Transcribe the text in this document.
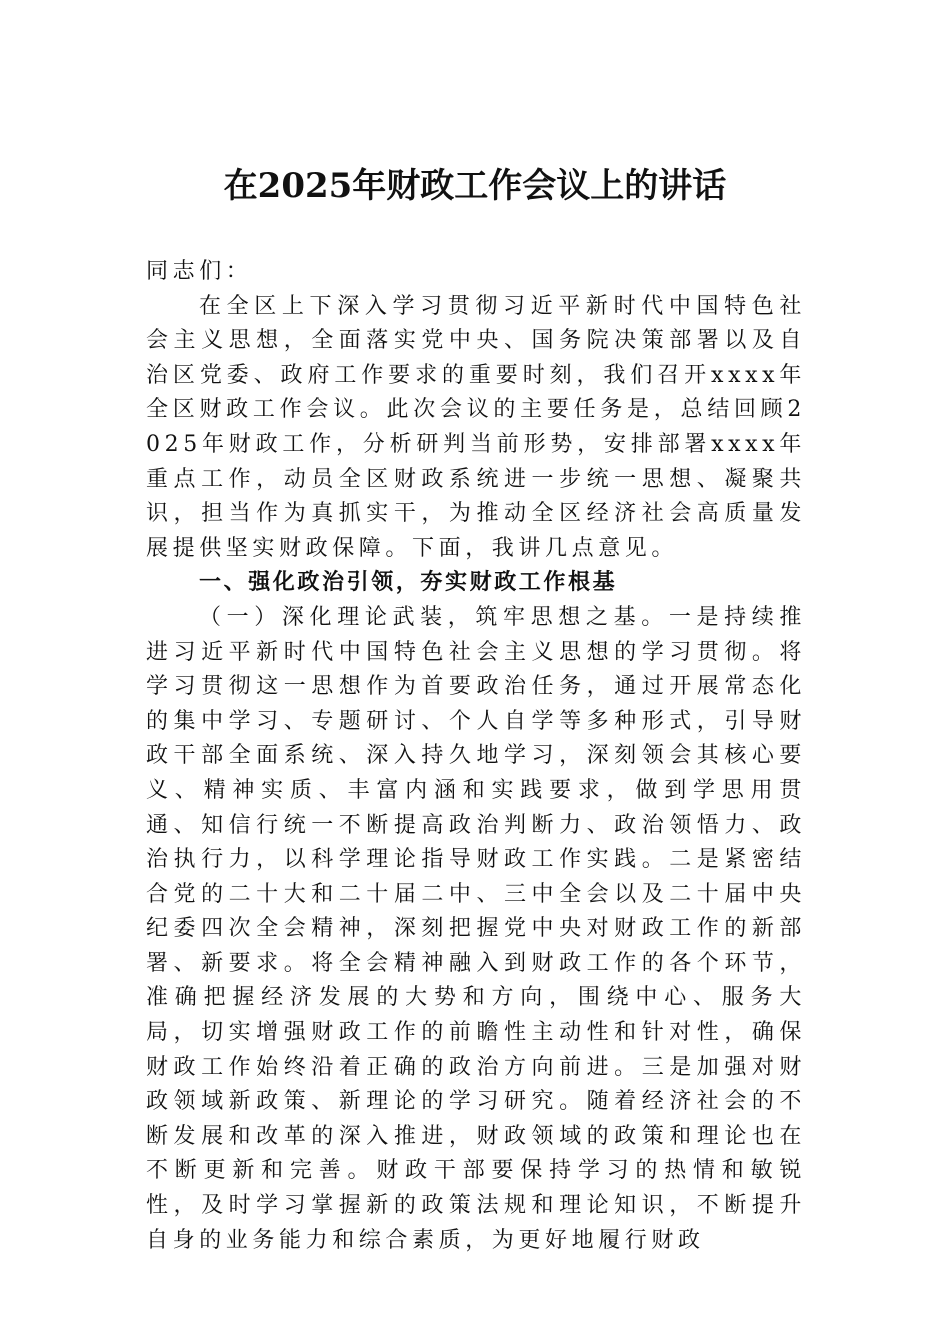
在2025年财政工作会议上的讲话

同志们：

在全区上下深入学习贯彻习近平新时代中国特色社会主义思想，全面落实党中央、国务院决策部署以及自治区党委、政府工作要求的重要时刻，我们召开xxxx年全区财政工作会议。此次会议的主要任务是，总结回顾2025年财政工作，分析研判当前形势，安排部署xxxx年重点工作，动员全区财政系统进一步统一思想、凝聚共识，担当作为真抓实干，为推动全区经济社会高质量发展提供坚实财政保障。下面，我讲几点意见。

一、强化政治引领，夯实财政工作根基

（一）深化理论武装，筑牢思想之基。一是持续推进习近平新时代中国特色社会主义思想的学习贯彻。将学习贯彻这一思想作为首要政治任务，通过开展常态化的集中学习、专题研讨、个人自学等多种形式，引导财政干部全面系统、深入持久地学习，深刻领会其核心要义、精神实质、丰富内涵和实践要求，做到学思用贯通、知信行统一不断提高政治判断力、政治领悟力、政治执行力，以科学理论指导财政工作实践。二是紧密结合党的二十大和二十届二中、三中全会以及二十届中央纪委四次全会精神，深刻把握党中央对财政工作的新部署、新要求。将全会精神融入到财政工作的各个环节，准确把握经济发展的大势和方向，围绕中心、服务大局，切实增强财政工作的前瞻性主动性和针对性，确保财政工作始终沿着正确的政治方向前进。三是加强对财政领域新政策、新理论的学习研究。随着经济社会的不断发展和改革的深入推进，财政领域的政策和理论也在不断更新和完善。财政干部要保持学习的热情和敏锐性，及时学习掌握新的政策法规和理论知识，不断提升自身的业务能力和综合素质，为更好地履行财政
